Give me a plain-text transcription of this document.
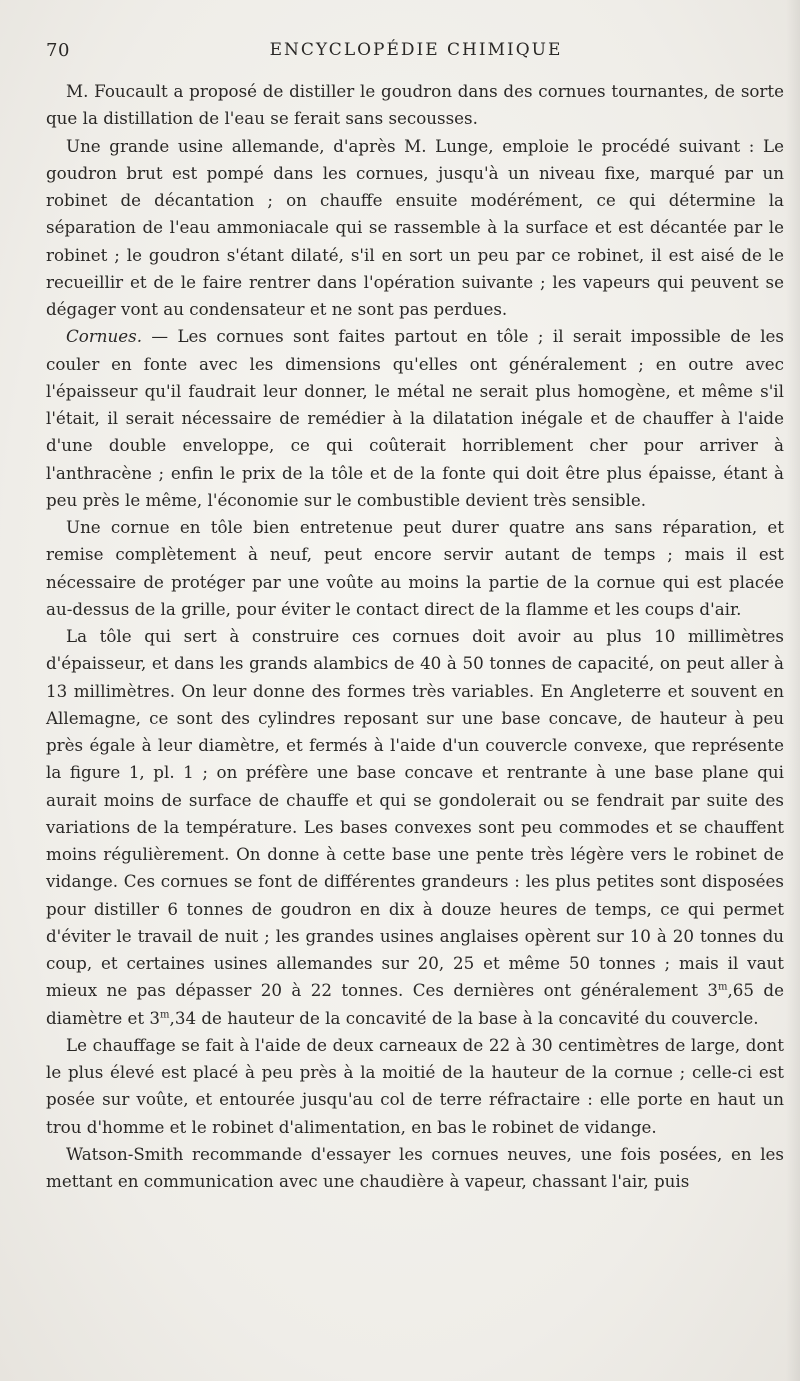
70	ENCYCLOPÉDIE CHIMIQUE

M. Foucault a proposé de distiller le goudron dans des cornues tournantes, de sorte que la distillation de l'eau se ferait sans secousses.

Une grande usine allemande, d'après M. Lunge, emploie le procédé suivant : Le goudron brut est pompé dans les cornues, jusqu'à un niveau fixe, marqué par un robinet de décantation ; on chauffe ensuite modérément, ce qui détermine la séparation de l'eau ammoniacale qui se rassemble à la surface et est décantée par le robinet ; le goudron s'étant dilaté, s'il en sort un peu par ce robinet, il est aisé de le recueillir et de le faire rentrer dans l'opération suivante ; les vapeurs qui peuvent se dégager vont au condensateur et ne sont pas perdues.

Cornues. — Les cornues sont faites partout en tôle ; il serait impossible de les couler en fonte avec les dimensions qu'elles ont généralement ; en outre avec l'épaisseur qu'il faudrait leur donner, le métal ne serait plus homogène, et même s'il l'était, il serait nécessaire de remédier à la dilatation inégale et de chauffer à l'aide d'une double enveloppe, ce qui coûterait horriblement cher pour arriver à l'anthracène ; enfin le prix de la tôle et de la fonte qui doit être plus épaisse, étant à peu près le même, l'économie sur le combustible devient très sensible.

Une cornue en tôle bien entretenue peut durer quatre ans sans réparation, et remise complètement à neuf, peut encore servir autant de temps ; mais il est nécessaire de protéger par une voûte au moins la partie de la cornue qui est placée au-dessus de la grille, pour éviter le contact direct de la flamme et les coups d'air.

La tôle qui sert à construire ces cornues doit avoir au plus 10 millimètres d'épaisseur, et dans les grands alambics de 40 à 50 tonnes de capacité, on peut aller à 13 millimètres. On leur donne des formes très variables. En Angleterre et souvent en Allemagne, ce sont des cylindres reposant sur une base concave, de hauteur à peu près égale à leur diamètre, et fermés à l'aide d'un couvercle convexe, que représente la figure 1, pl. 1 ; on préfère une base concave et rentrante à une base plane qui aurait moins de surface de chauffe et qui se gondolerait ou se fendrait par suite des variations de la température. Les bases convexes sont peu commodes et se chauffent moins régulièrement. On donne à cette base une pente très légère vers le robinet de vidange. Ces cornues se font de différentes grandeurs : les plus petites sont disposées pour distiller 6 tonnes de goudron en dix à douze heures de temps, ce qui permet d'éviter le travail de nuit ; les grandes usines anglaises opèrent sur 10 à 20 tonnes du coup, et certaines usines allemandes sur 20, 25 et même 50 tonnes ; mais il vaut mieux ne pas dépasser 20 à 22 tonnes. Ces dernières ont généralement 3$^m$,65 de diamètre et 3$^m$,34 de hauteur de la concavité de la base à la concavité du couvercle.

Le chauffage se fait à l'aide de deux carneaux de 22 à 30 centimètres de large, dont le plus élevé est placé à peu près à la moitié de la hauteur de la cornue ; celle-ci est posée sur voûte, et entourée jusqu'au col de terre réfractaire : elle porte en haut un trou d'homme et le robinet d'alimentation, en bas le robinet de vidange.

Watson-Smith recommande d'essayer les cornues neuves, une fois posées, en les mettant en communication avec une chaudière à vapeur, chassant l'air, puis
